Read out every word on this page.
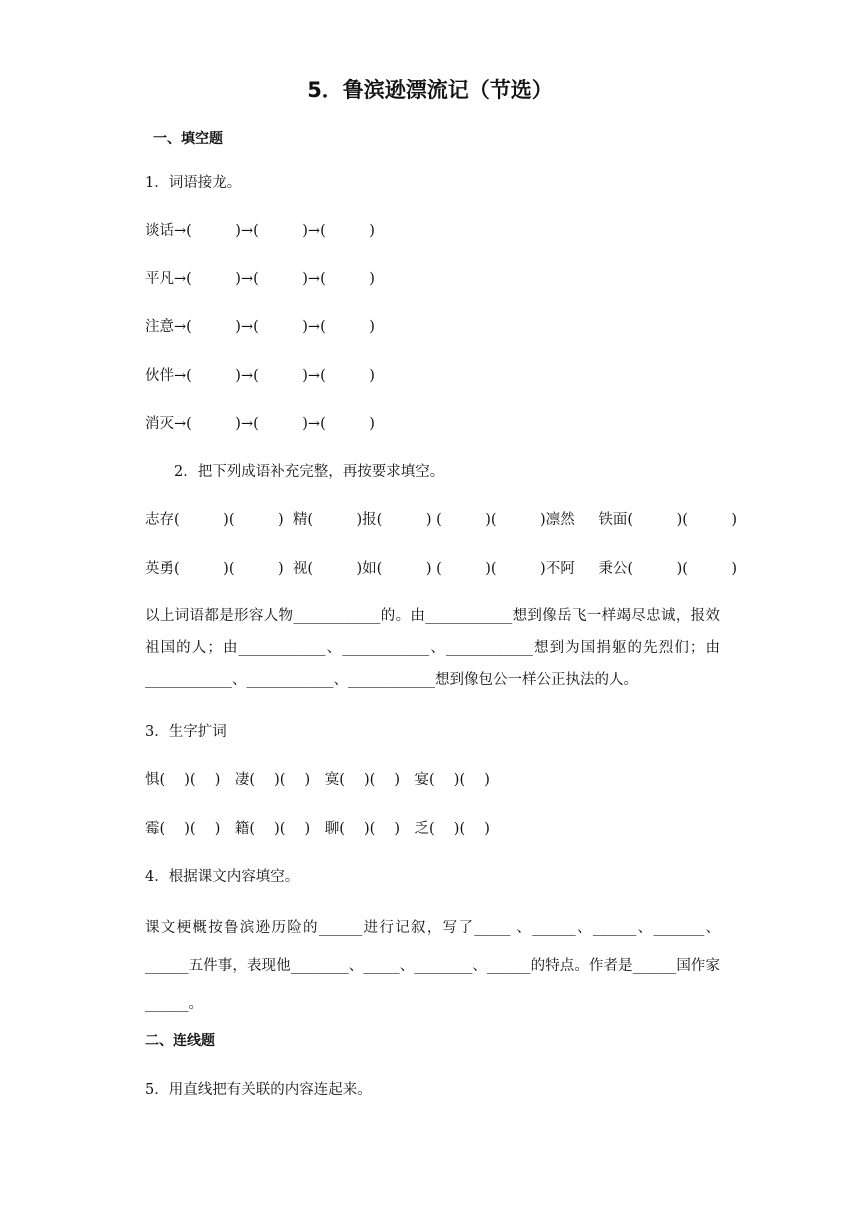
5．鲁滨逊漂流记（节选）
一、填空题
1．词语接龙。
谈话→(　　　)→(　　　)→(　　　)
平凡→(　　　)→(　　　)→(　　　)
注意→(　　　)→(　　　)→(　　　)
伙伴→(　　　)→(　　　)→(　　　)
消灭→(　　　)→(　　　)→(　　　)
2．把下列成语补充完整，再按要求填空。
志存(　　　)(　　　)  精(　　　)报(　　　) (　　　)(　　　)凛然　  铁面(　　　)(　　　)
英勇(　　　)(　　　)  视(　　　)如(　　　) (　　　)(　　　)不阿　  秉公(　　　)(　　　)
以上词语都是形容人物____________的。由____________想到像岳飞一样竭尽忠诚，报效祖国的人；由____________、____________、____________想到为国捐躯的先烈们；由____________、____________、____________想到像包公一样公正执法的人。
3．生字扩词
惧(　 )(　 )　凄(　 )(　 )　寞(　 )(　 )　宴(　 )(　 )
霉(　 )(　 )　籍(　 )(　 )　聊(　 )(　 )　乏(　 )(　 )
4．根据课文内容填空。
课文梗概按鲁滨逊历险的______进行记叙，写了_____ 、______、______、_______、______五件事，表现他________、_____、________、______的特点。作者是______国作家______。
二、连线题
5．用直线把有关联的内容连起来。
